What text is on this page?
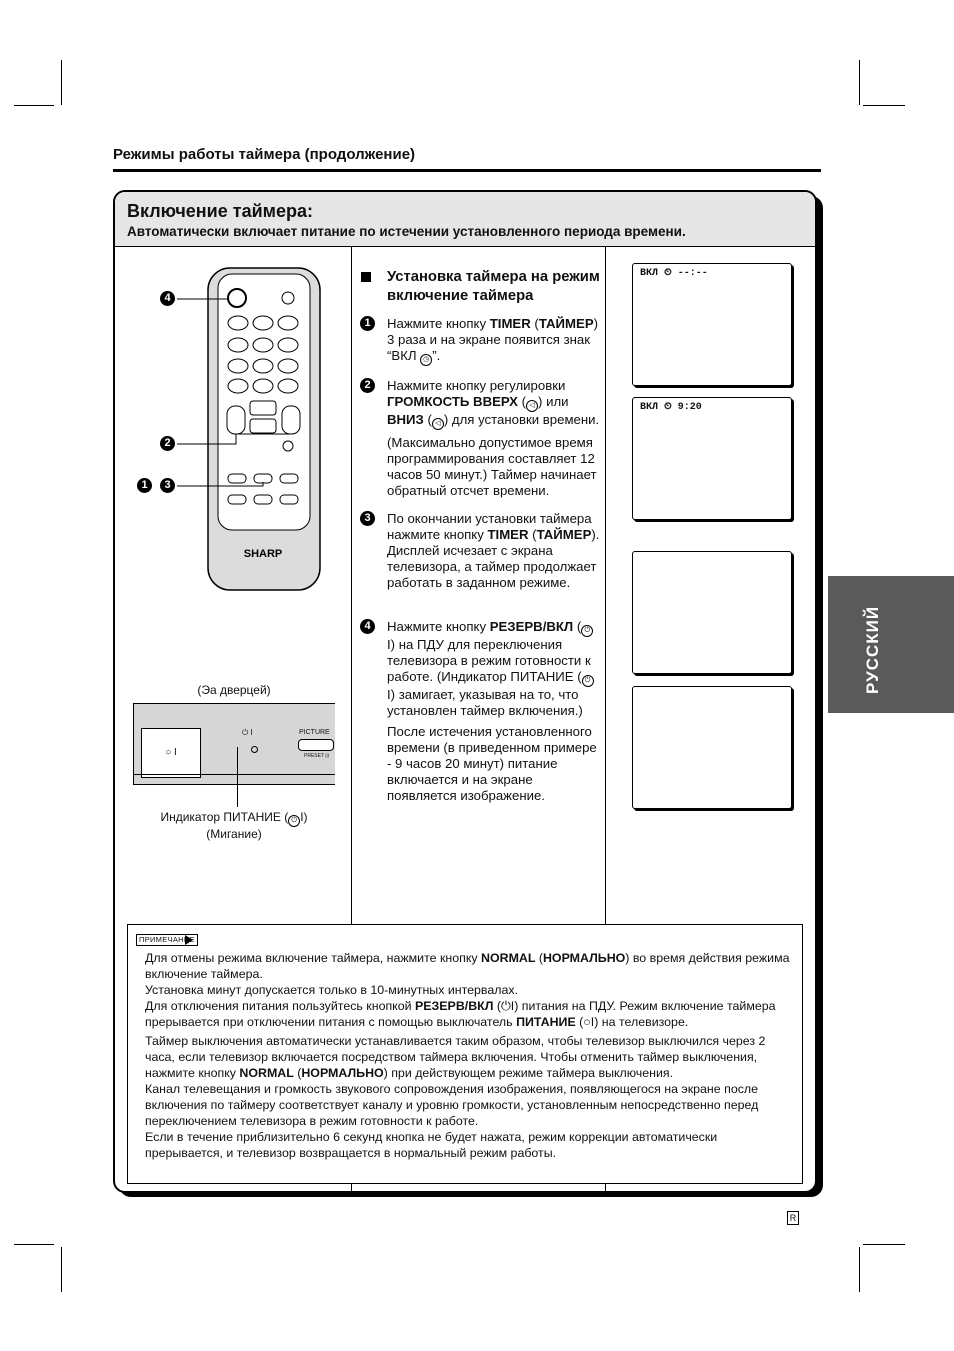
Режимы работы таймера (продолжение)
Включение таймера:
Автоматически включает питание по истечении установленного периода времени.
SHARP
4
2
1	3
(Эа дверцей)
○ I
⏻ I	PICTURE
PRESET ⊡
Индикатор ПИТАНИЕ ( ⏻ I)
(Мигание)
Установка таймера на режим включение таймера
1	Нажмите кнопку TIMER (ТАЙМЕР) 3 раза и на экране появится знак “ВКЛ ◷ ”.

2	Нажмите кнопку регулировки ГРОМКОСТЬ ВВЕРХ ( ◁ ) или ВНИЗ ( ◁ ) для установки времени.

(Максимально допустимое время программирования составляет 12 часов 50 минут.) Таймер начинает обратный отсчет времени.

3	По окончании установки таймера нажмите кнопку TIMER (ТАЙМЕР). Дисплей исчезает с экрана телевизора, а таймер продолжает работать в заданном режиме.

4	Нажмите кнопку РЕЗЕРВ/ВКЛ ( ⏻I) на ПДУ для переключения телевизора в режим готовности к работе. (Индикатор ПИТАНИЕ ( ⏻I) замигает, указывая на то, что установлен таймер включения.)

После истечения установленного времени (в приведенном примере - 9 часов 20 минут) питание включается и на экране появляется изображение.

ВКЛ ⏲ --:--
ВКЛ ⏲ 9:20
РУССКИЙ
ПРИМЕЧАНИЕ

Для отмены режима включение таймера, нажмите кнопку NORMAL (НОРМАЛЬНО) во время действия режима включение таймера.

Установка минут допускается только в 10-минутных интервалах.

Для отключения питания пользуйтесь кнопкой РЕЗЕРВ/ВКЛ (⏻I) питания на ПДУ. Режим включение таймера прерывается при отключении питания с помощью выключатель ПИТАНИЕ (○I) на телевизоре.

Таймер выключения автоматически устанавливается таким образом, чтобы телевизор выключился через 2 часа, если телевизор включается посредством таймера включения. Чтобы отменить таймер выключения, нажмите кнопку NORMAL (НОРМАЛЬНО) при действующем режиме таймера выключения.

Канал телевещания и громкость звукового сопровождения изображения, появляющегося на экране после включения по таймеру соответствует каналу и уровню громкости, установленным непосредственно перед переключением телевизора в режим готовности к работе.

Если в течение приблизительно 6 секунд кнопка не будет нажата, режим коррекции автоматически прерывается, и телевизор возвращается в нормальный режим работы.

R
